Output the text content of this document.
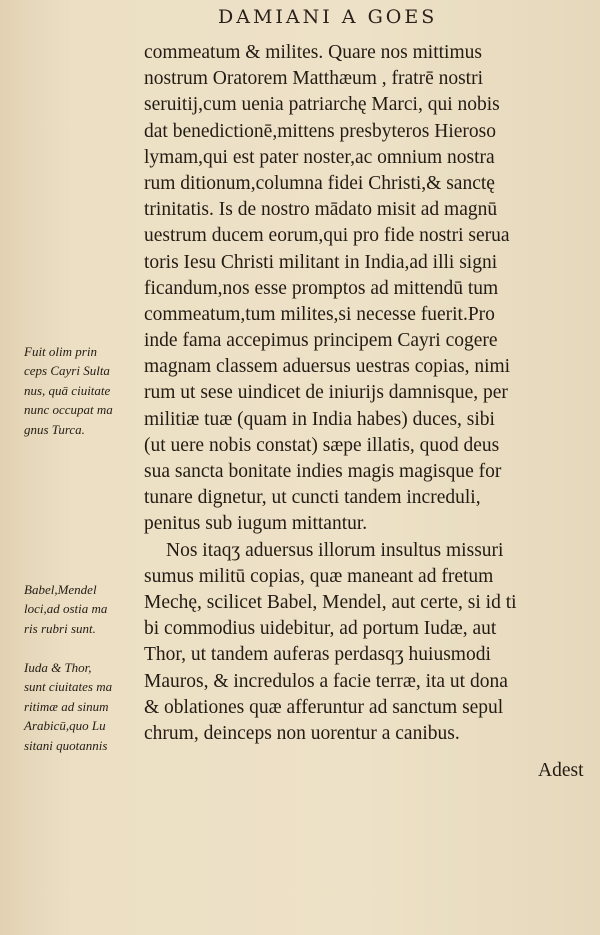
DAMIANI A GOES
commeatum & milites. Quare nos mittimus
nostrum Oratorem Matthæum , fratrē nostri
seruitij,cum uenia patriarchę Marci, qui nobis
dat benedictionē,mittens presbyteros Hieroso
lymam,qui est pater noster,ac omnium nostra
rum ditionum,columna fidei Christi,& sanctę
trinitatis. Is de nostro mādato misit ad magnū
uestrum ducem eorum,qui pro fide nostri serua
toris Iesu Christi militant in India,ad illi signi
ficandum,nos esse promptos ad mittendū tum
commeatum,tum milites,si necesse fuerit.Pro
inde fama accepimus principem Cayri cogere
magnam classem aduersus uestras copias, nimi
rum ut sese uindicet de iniurijs damnisque, per
militiæ tuæ (quam in India habes) duces, sibi
(ut uere nobis constat) sæpe illatis, quod deus
sua sancta bonitate indies magis magisque for
tunare dignetur, ut cuncti tandem increduli,
penitus sub iugum mittantur.
Nos itaqʒ aduersus illorum insultus missuri
sumus militū copias, quæ maneant ad fretum
Mechę, scilicet Babel, Mendel, aut certe, si id ti
bi commodius uidebitur, ad portum Iudæ, aut
Thor, ut tandem auferas perdasqʒ huiusmodi
Mauros, & incredulos a facie terræ, ita ut dona
& oblationes quæ afferuntur ad sanctum sepul
chrum, deinceps non uorentur a canibus.
Adest
Fuit olim prin
ceps Cayri Sulta
nus, quā ciuitate
nunc occupat ma
gnus Turca.
Babel,Mendel
loci,ad ostia ma
ris rubri sunt.
Iuda & Thor,
sunt ciuitates ma
ritimæ ad sinum
Arabicū,quo Lu
sitani quotannis
